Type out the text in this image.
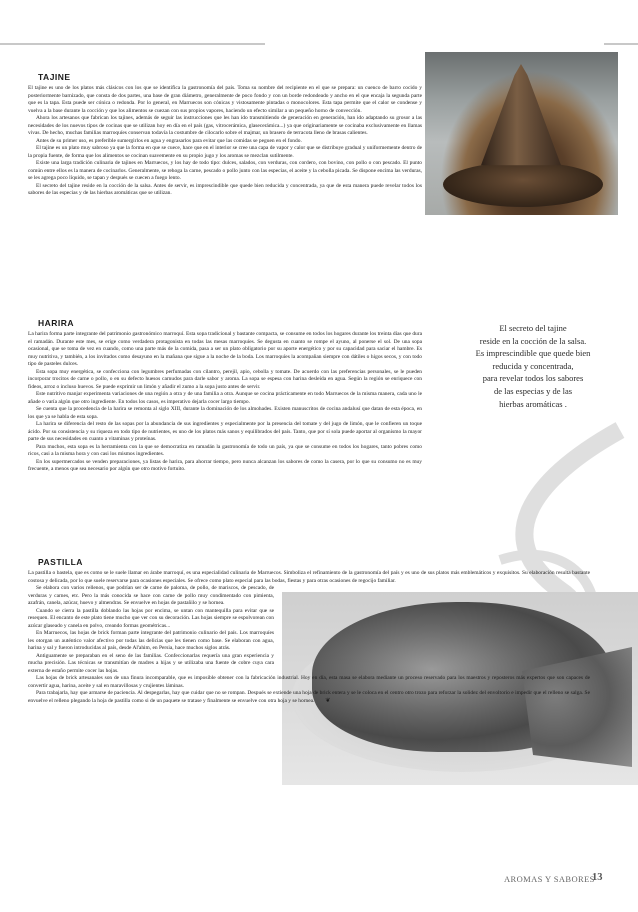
TAJINE

El tajine es uno de los platos más clásicos con los que se identifica la gastronomía del país. Toma su nombre del recipiente en el que se prepara: un cuenco de barro cocido y posteriormente barnizado, que consta de dos partes, una base de gran diámetro, generalmente de poco fondo y con un borde redondeado y ancho en el que encaja la segunda parte que es la tapa. Esta puede ser cónica o redonda. Por lo general, en Marruecos son cónicas y vistosamente pintadas o monocolores. Esta tapa permite que el calor se condense y vuelva a la base durante la cocción y que los alimentos se cuezan con sus propios vapores, haciendo un efecto similar a un pequeño horno de convección.

Ahora los artesanos que fabrican los tajines, además de seguir las instrucciones que les han ido transmitiendo de generación en generación, han ido adaptando su grosor a las necesidades de los nuevos tipos de cocinas que se utilizan hoy en día en el país (gas, vitrocerámica, glasecerámica...) ya que originariamente se cocinaba exclusivamente en llamas vivas. De hecho, muchas familias marroquíes conservan todavía la costumbre de cilocarlo sobre el majmar, un brasero de terracota lleno de brasas calientes.

Antes de su primer uso, es preferible sumergirlos en agua y engrasarlos para evitar que las comidas se peguen en el fondo.

El tajine es un plato muy sabroso ya que la forma en que se cuece, hace que en el interior se cree una capa de vapor y calor que se distribuye gradual y uniformemente dentro de la propia fuente, de forma que los alimentos se cocinan suavemente en su propio jugo y los aromas se mezclan sutilmente.

Existe una larga tradición culinaria de tajines en Marruecos, y los hay de todo tipo: dulces, salados, con verduras, con cordero, con bovino, con pollo o con pescado. El punto común entre ellos es la manera de cocinarlos. Generalmente, se rehoga la carne, pescado o pollo junto con las especias, el aceite y la cebolla picada. Se dispone encima las verduras, se les agrega poco líquido, se tapan y después se cuecen a fuego lento.

El secreto del tajine reside en la cocción de la salsa. Antes de servir, es imprescindible que quede bien reducida y concentrada, ya que de esta manera puede revelar todos los sabores de las especias y de las hierbas aromáticas que se utilizan.

HARIRA

La harira forma parte integrante del patrimonio gastronómico marroquí. Esta sopa tradicional y bastante compacta, se consume en todos los hogares durante los treinta días que dura el ramadán. Durante este mes, se erige como verdadera protagonista en todas las mesas marroquíes. Se degusta en cuanto se rompe el ayuno, al ponerse el sol. De una sopa ocasional, que se toma de vez en cuando, como una parte más de la comida, pasa a ser un plato obligatorio por su aporte energético y por su capacidad para saciar el hambre. Es muy nutritiva, y también, a los invitados como desayuno en la mañana que sigue a la noche de la boda. Los marroquíes la acompañan siempre con dátiles o higos secos, y con todo tipo de pasteles dulces.

Esta sopa muy energética, se confecciona con legumbres perfumadas con cilantro, perejil, apio, cebolla y tomate. De acuerdo con las preferencias personales, se le pueden incorporar trocitos de carne o pollo, o en su defecto huesos carnudos para darle sabor y aroma. La sopa se espesa con harina desleída en agua. Según la región se enriquece con fideos, arroz o incluso huevos. Se puede exprimir un limón y añadir el zumo a la sopa justo antes de servir.

Este nutritivo manjar experimenta variaciones de una región a otra y de una familia a otra. Aunque se cocina prácticamente en todo Marruecos de la misma manera, cada uno le añade o varía algún que otro ingrediente. En todos los casos, es imperativo dejarla cocer largo tiempo.

Se cuenta que la procedencia de la harira se remonta al siglo XIII, durante la dominación de los almohades. Existen manuscritos de cocina andalusí que datan de esta época, en los que ya se habla de esta sopa.

La harira se diferencia del resto de las sopas por la abundancia de sus ingredientes y especialmente por la presencia del tomate y del jugo de limón, que le confieren un toque ácido. Por su consistencia y su riqueza en todo tipo de nutrientes, es uno de los platos más sanos y equilibrados del país. Tanto, que por sí sola puede aportar al organismo la mayor parte de sus necesidades en cuanto a vitaminas y proteínas.

Para muchos, esta sopa es la herramienta con la que se democratiza en ramadán la gastronomía de todo un país, ya que se consume en todos los hogares, tanto pobres como ricos, casi a la misma hora y con casi los mismos ingredientes.

En los supermercados se venden preparaciones, ya listas de harira, para ahorrar tiempo, pero nunca alcanzan los sabores de como la casera, por lo que su consumo no es muy frecuente, a menos que sea necesario por algún que otro motivo fortuito.

El secreto del tajine
reside en la cocción de la salsa.
Es imprescindible que quede bien
reducida y concentrada,
para revelar todos los sabores
de las especias y de las
hierbas aromáticas .
PASTILLA

La pastilla o bastela, que es como se le suele llamar en árabe marroquí, es una especialidad culinaria de Marruecos. Simboliza el refinamiento de la gastronomía del país y es uno de sus platos más emblemáticos y exquisitos. Su elaboración resulta bastante costosa y delicada, por lo que suele reservarse para ocasiones especiales. Se ofrece como plato especial para las bodas, fiestas y para otras ocasiones de regocijo familiar.

Se elabora con varios rellenos, que podrían ser de carne de paloma, de pollo, de mariscos, de pescado, de verduras y carnes, etc. Pero la más conocida se hace con carne de pollo muy condimentado con pimienta, azafrán, canela, azúcar, huevo y almendras. Se envuelve en hojas de pastañilo y se hornea.

Cuando se cierra la pastilla doblando las hojas por encima, se untan con mantequilla para evitar que se resequen. El encanto de este plato tiene mucho que ver con su decoración. Las hojas siempre se espolvorean con azúcar glaseado y canela en polvo, creando formas geométricas...

En Marruecos, las hojas de brick forman parte integrante del patrimonio culinario del país. Los marroquíes les otorgan un auténtico valor afectivo por todas las delicias que les tienen como base. Se elaboran con agua, harina y sal y fueron introducidas al país, desde Al'ahim, en Persia, hace muchos siglos atrás.

Antiguamente se preparaban en el seno de las familias. Confeccionarlas requería una gran experiencia y mucha precisión. Las técnicas se transmitían de madres a hijas y se utilizaba una fuente de cobre cuya cara externa de estaño permite cocer las hojas.

Las hojas de brick artesanales son de una finura incomparable, que es imposible obtener con la fabricación industrial. Hoy en día, esta masa se elabora mediante un proceso reservado para los maestros y reposteros más expertos que son capaces de convertir agua, harina, aceite y sal en maravillosas y crujientes láminas.

Para trabajarla, hay que armarse de paciencia. Al despegarlas, hay que cuidar que no se rompan. Después se extiende una hoja de brick entera y se le coloca en el centro otro trozo para reforzar la solidez del envoltorio e impedir que el relleno se salga. Se envuelve el relleno plegando la hoja de pastilla como si de un paquete se tratase y finalmente se envuelve con otra hoja y se hornea. ❦

AROMAS Y SABORES
13
